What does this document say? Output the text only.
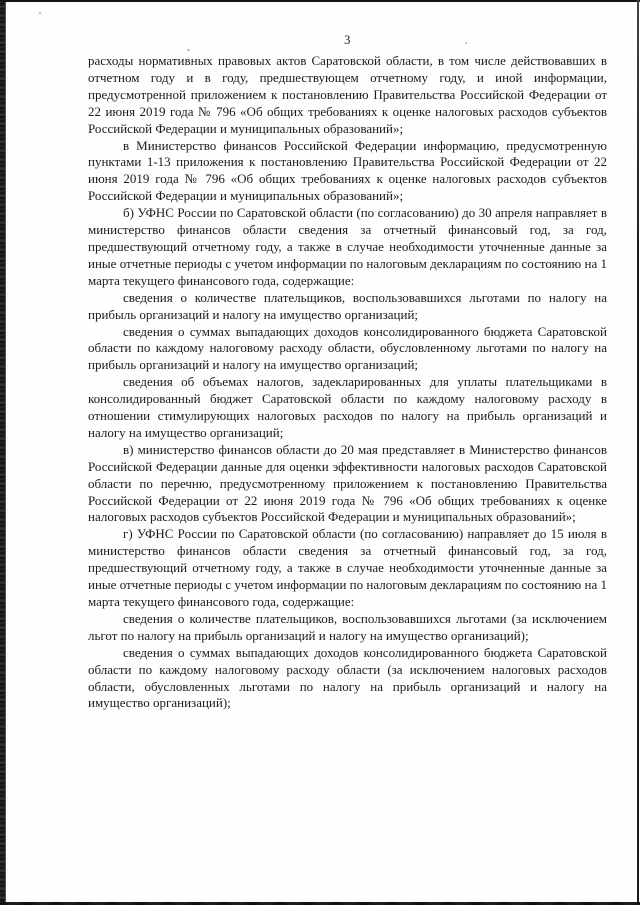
3

расходы нормативных правовых актов Саратовской области, в том числе действовавших в отчетном году и в году, предшествующем отчетному году, и иной информации, предусмотренной приложением к постановлению Правительства Российской Федерации от 22 июня 2019 года № 796 «Об общих требованиях к оценке налоговых расходов субъектов Российской Федерации и муниципальных образований»;

в Министерство финансов Российской Федерации информацию, предусмотренную пунктами 1-13 приложения к постановлению Правительства Российской Федерации от 22 июня 2019 года № 796 «Об общих требованиях к оценке налоговых расходов субъектов Российской Федерации и муниципальных образований»;

б) УФНС России по Саратовской области (по согласованию) до 30 апреля направляет в министерство финансов области сведения за отчетный финансовый год, за год, предшествующий отчетному году, а также в случае необходимости уточненные данные за иные отчетные периоды с учетом информации по налоговым декларациям по состоянию на 1 марта текущего финансового года, содержащие:

сведения о количестве плательщиков, воспользовавшихся льготами по налогу на прибыль организаций и налогу на имущество организаций;

сведения о суммах выпадающих доходов консолидированного бюджета Саратовской области по каждому налоговому расходу области, обусловленному льготами по налогу на прибыль организаций и налогу на имущество организаций;

сведения об объемах налогов, задекларированных для уплаты плательщиками в консолидированный бюджет Саратовской области по каждому налоговому расходу в отношении стимулирующих налоговых расходов по налогу на прибыль организаций и налогу на имущество организаций;

в) министерство финансов области до 20 мая представляет в Министерство финансов Российской Федерации данные для оценки эффективности налоговых расходов Саратовской области по перечню, предусмотренному приложением к постановлению Правительства Российской Федерации от 22 июня 2019 года № 796 «Об общих требованиях к оценке налоговых расходов субъектов Российской Федерации и муниципальных образований»;

г) УФНС России по Саратовской области (по согласованию) направляет до 15 июля в министерство финансов области сведения за отчетный финансовый год, за год, предшествующий отчетному году, а также в случае необходимости уточненные данные за иные отчетные периоды с учетом информации по налоговым декларациям по состоянию на 1 марта текущего финансового года, содержащие:

сведения о количестве плательщиков, воспользовавшихся льготами (за исключением льгот по налогу на прибыль организаций и налогу на имущество организаций);

сведения о суммах выпадающих доходов консолидированного бюджета Саратовской области по каждому налоговому расходу области (за исключением налоговых расходов области, обусловленных льготами по налогу на прибыль организаций и налогу на имущество организаций);
